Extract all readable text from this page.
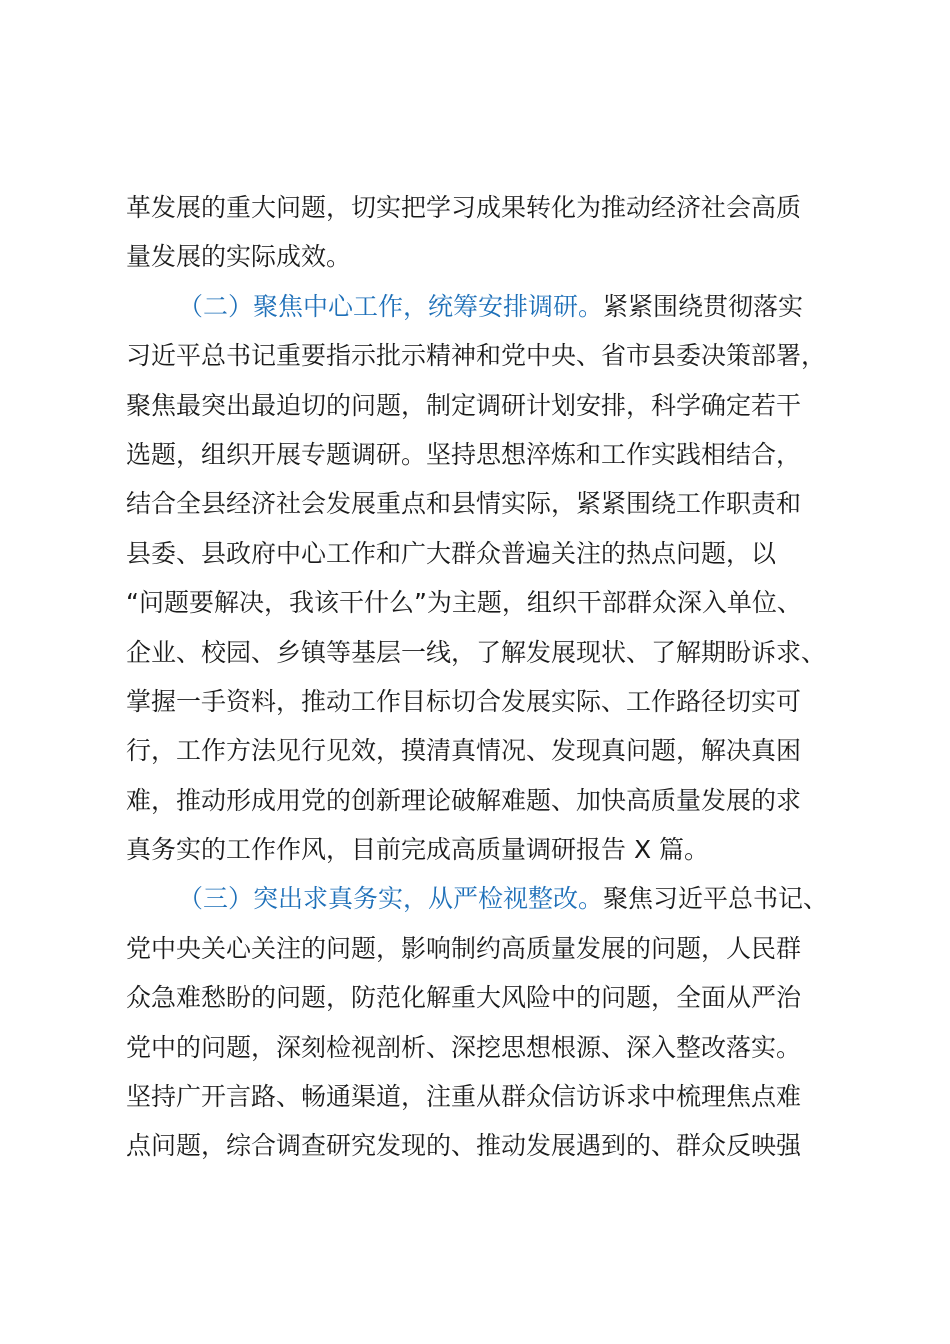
革发展的重大问题，切实把学习成果转化为推动经济社会高质
量发展的实际成效。
（二）聚焦中心工作，统筹安排调研。紧紧围绕贯彻落实
习近平总书记重要指示批示精神和党中央、省市县委决策部署，
聚焦最突出最迫切的问题，制定调研计划安排，科学确定若干
选题，组织开展专题调研。坚持思想淬炼和工作实践相结合，
结合全县经济社会发展重点和县情实际，紧紧围绕工作职责和
县委、县政府中心工作和广大群众普遍关注的热点问题，以
“问题要解决，我该干什么”为主题，组织干部群众深入单位、
企业、校园、乡镇等基层一线，了解发展现状、了解期盼诉求、
掌握一手资料，推动工作目标切合发展实际、工作路径切实可
行，工作方法见行见效，摸清真情况、发现真问题，解决真困
难，推动形成用党的创新理论破解难题、加快高质量发展的求
真务实的工作作风，目前完成高质量调研报告 X 篇。
（三）突出求真务实，从严检视整改。聚焦习近平总书记、
党中央关心关注的问题，影响制约高质量发展的问题，人民群
众急难愁盼的问题，防范化解重大风险中的问题，全面从严治
党中的问题，深刻检视剖析、深挖思想根源、深入整改落实。
坚持广开言路、畅通渠道，注重从群众信访诉求中梳理焦点难
点问题，综合调查研究发现的、推动发展遇到的、群众反映强
